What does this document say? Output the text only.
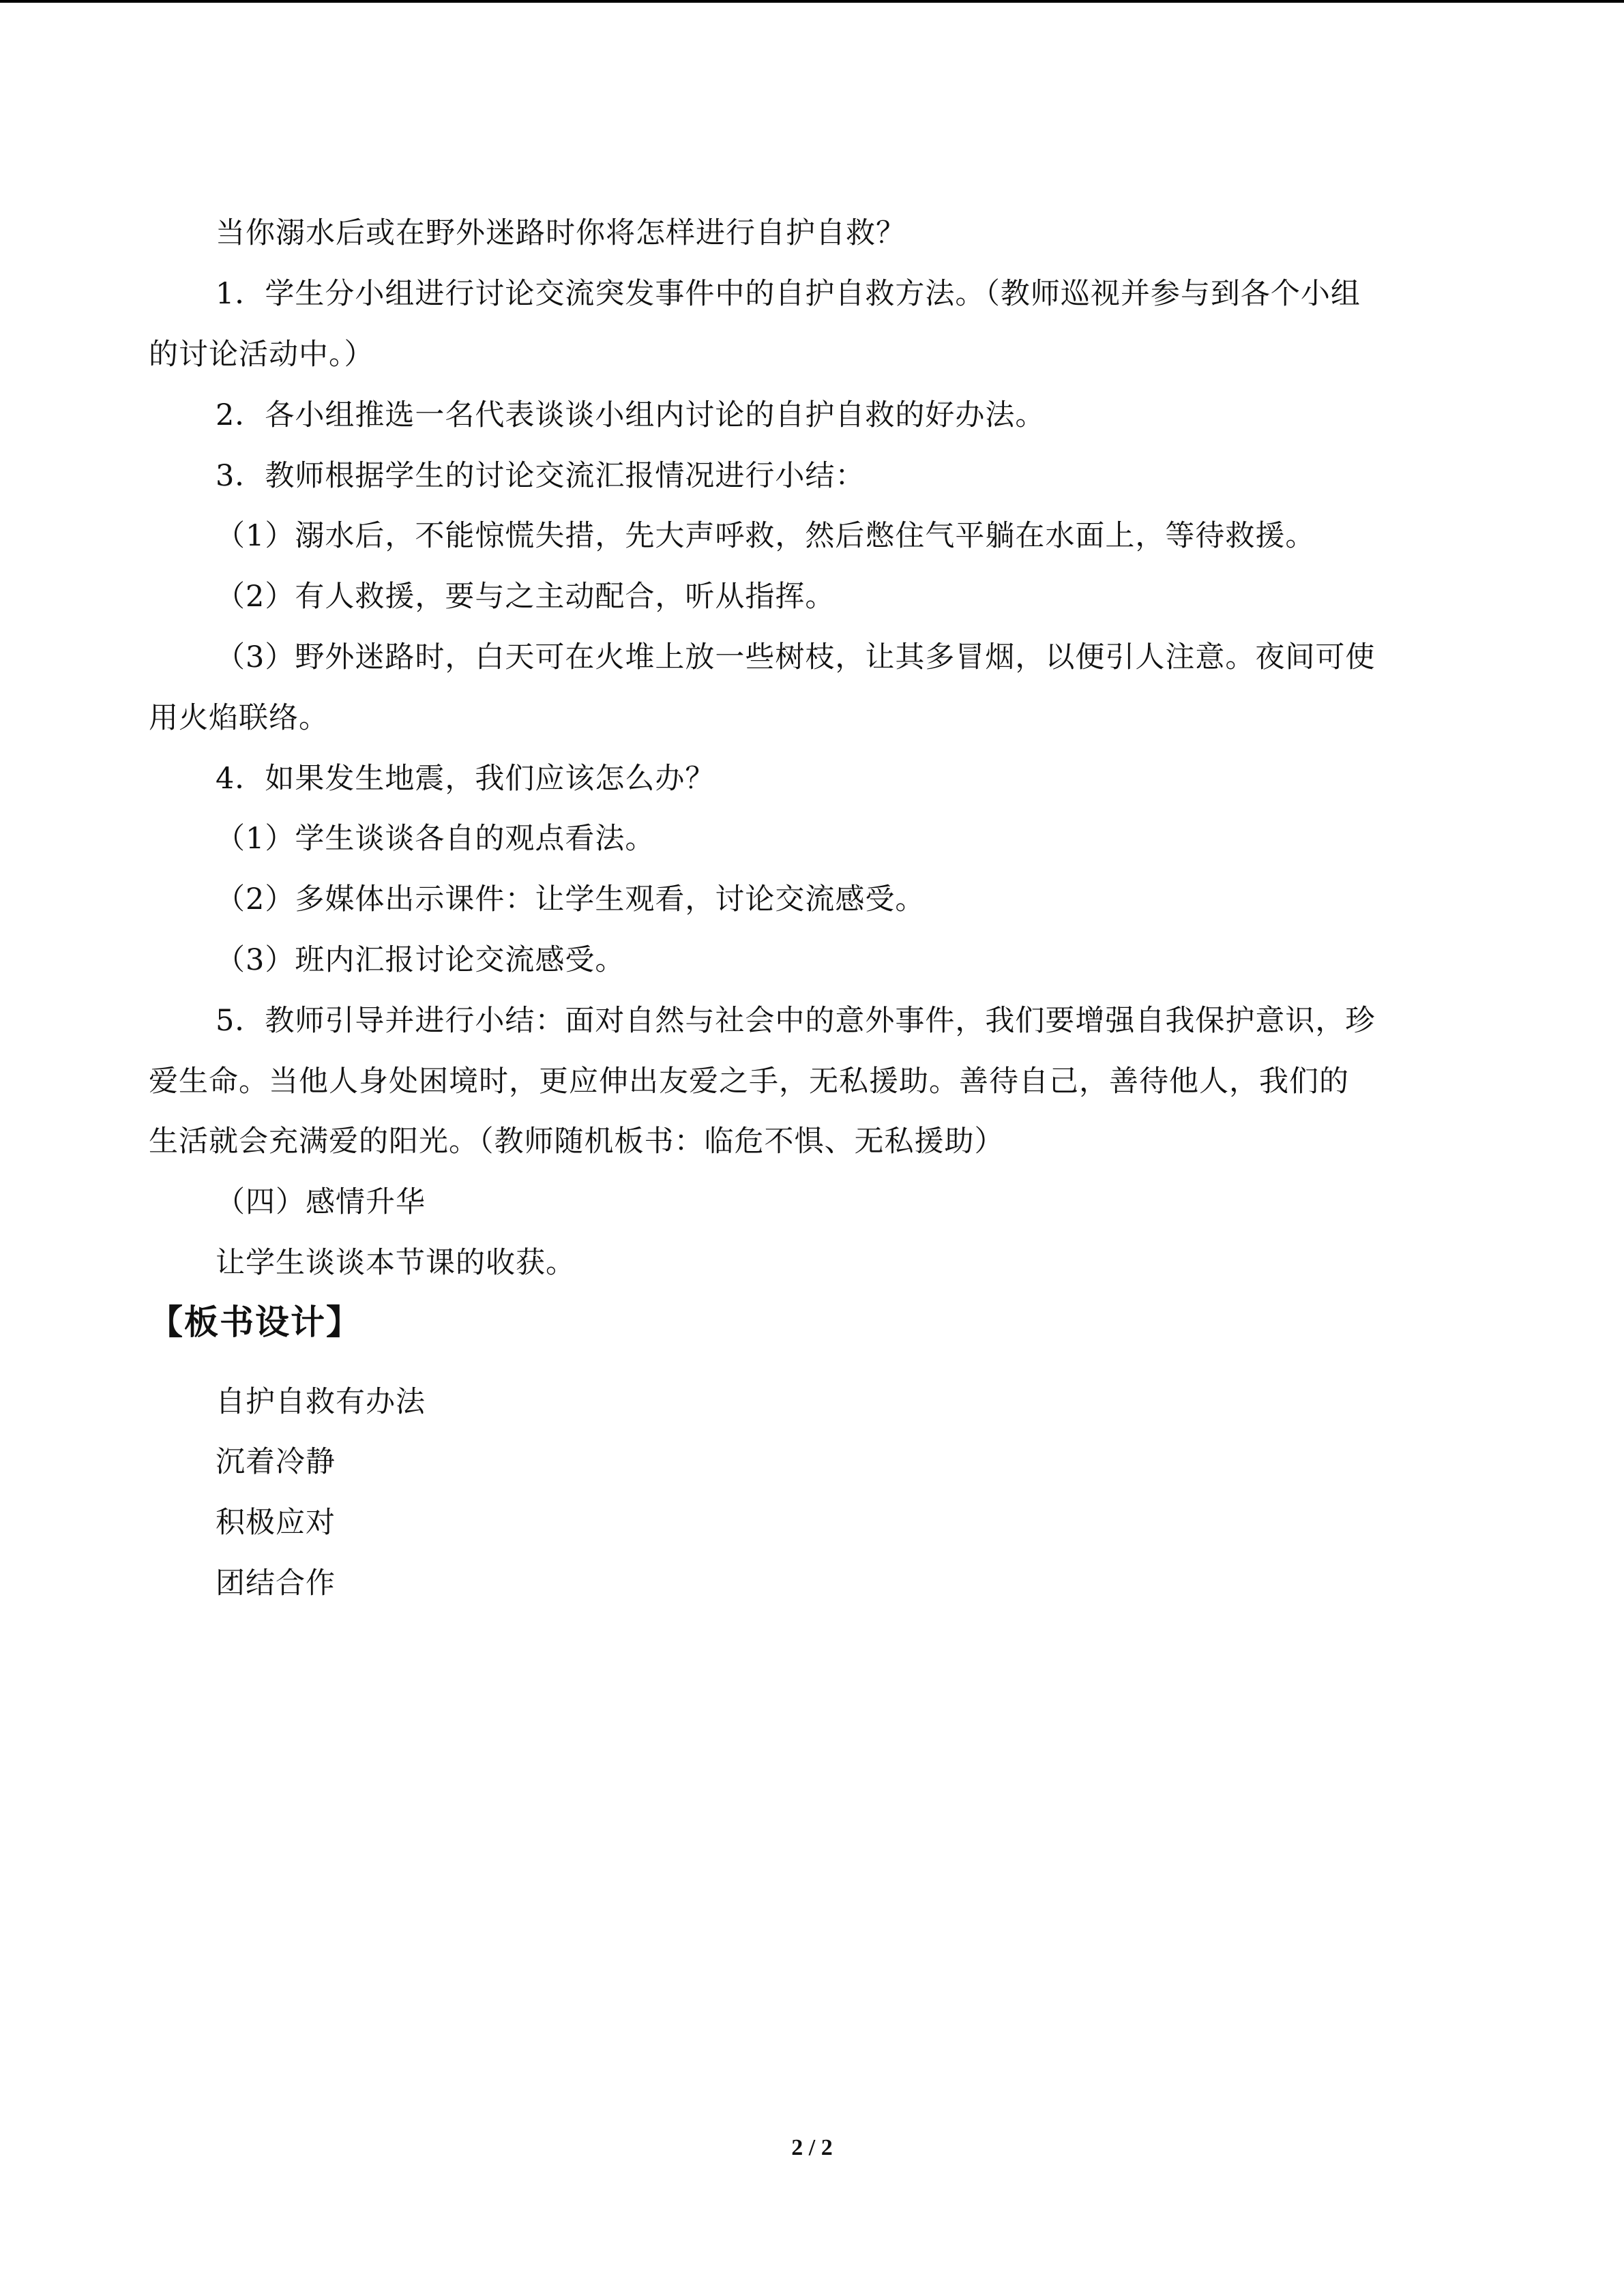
当你溺水后或在野外迷路时你将怎样进行自护自救？
1．学生分小组进行讨论交流突发事件中的自护自救方法。（教师巡视并参与到各个小组
的讨论活动中。）
2．各小组推选一名代表谈谈小组内讨论的自护自救的好办法。
3．教师根据学生的讨论交流汇报情况进行小结：
（1）溺水后，不能惊慌失措，先大声呼救，然后憋住气平躺在水面上，等待救援。
（2）有人救援，要与之主动配合，听从指挥。
（3）野外迷路时，白天可在火堆上放一些树枝，让其多冒烟，以便引人注意。夜间可使
用火焰联络。
4．如果发生地震，我们应该怎么办？
（1）学生谈谈各自的观点看法。
（2）多媒体出示课件：让学生观看，讨论交流感受。
（3）班内汇报讨论交流感受。
5．教师引导并进行小结：面对自然与社会中的意外事件，我们要增强自我保护意识，珍
爱生命。当他人身处困境时，更应伸出友爱之手，无私援助。善待自己，善待他人，我们的
生活就会充满爱的阳光。（教师随机板书：临危不惧、无私援助）
（四）感情升华
让学生谈谈本节课的收获。
【板书设计】
自护自救有办法
沉着冷静
积极应对
团结合作
2 / 2
